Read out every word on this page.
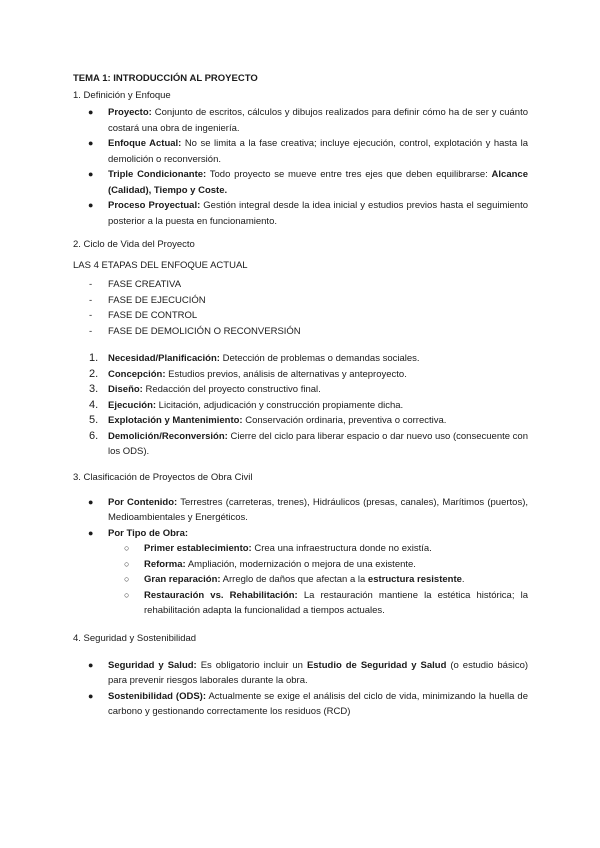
TEMA 1: INTRODUCCIÓN AL PROYECTO
1. Definición y Enfoque
● Proyecto: Conjunto de escritos, cálculos y dibujos realizados para definir cómo ha de ser y cuánto costará una obra de ingeniería.
● Enfoque Actual: No se limita a la fase creativa; incluye ejecución, control, explotación y hasta la demolición o reconversión.
● Triple Condicionante: Todo proyecto se mueve entre tres ejes que deben equilibrarse: Alcance (Calidad), Tiempo y Coste.
● Proceso Proyectual: Gestión integral desde la idea inicial y estudios previos hasta el seguimiento posterior a la puesta en funcionamiento.
2. Ciclo de Vida del Proyecto
LAS 4 ETAPAS DEL ENFOQUE ACTUAL
- FASE CREATIVA
- FASE DE EJECUCIÓN
- FASE DE CONTROL
- FASE DE DEMOLICIÓN O RECONVERSIÓN
1. Necesidad/Planificación: Detección de problemas o demandas sociales.
2. Concepción: Estudios previos, análisis de alternativas y anteproyecto.
3. Diseño: Redacción del proyecto constructivo final.
4. Ejecución: Licitación, adjudicación y construcción propiamente dicha.
5. Explotación y Mantenimiento: Conservación ordinaria, preventiva o correctiva.
6. Demolición/Reconversión: Cierre del ciclo para liberar espacio o dar nuevo uso (consecuente con los ODS).
3. Clasificación de Proyectos de Obra Civil
● Por Contenido: Terrestres (carreteras, trenes), Hidráulicos (presas, canales), Marítimos (puertos), Medioambientales y Energéticos.
● Por Tipo de Obra:
○ Primer establecimiento: Crea una infraestructura donde no existía.
○ Reforma: Ampliación, modernización o mejora de una existente.
○ Gran reparación: Arreglo de daños que afectan a la estructura resistente.
○ Restauración vs. Rehabilitación: La restauración mantiene la estética histórica; la rehabilitación adapta la funcionalidad a tiempos actuales.
4. Seguridad y Sostenibilidad
● Seguridad y Salud: Es obligatorio incluir un Estudio de Seguridad y Salud (o estudio básico) para prevenir riesgos laborales durante la obra.
● Sostenibilidad (ODS): Actualmente se exige el análisis del ciclo de vida, minimizando la huella de carbono y gestionando correctamente los residuos (RCD)
